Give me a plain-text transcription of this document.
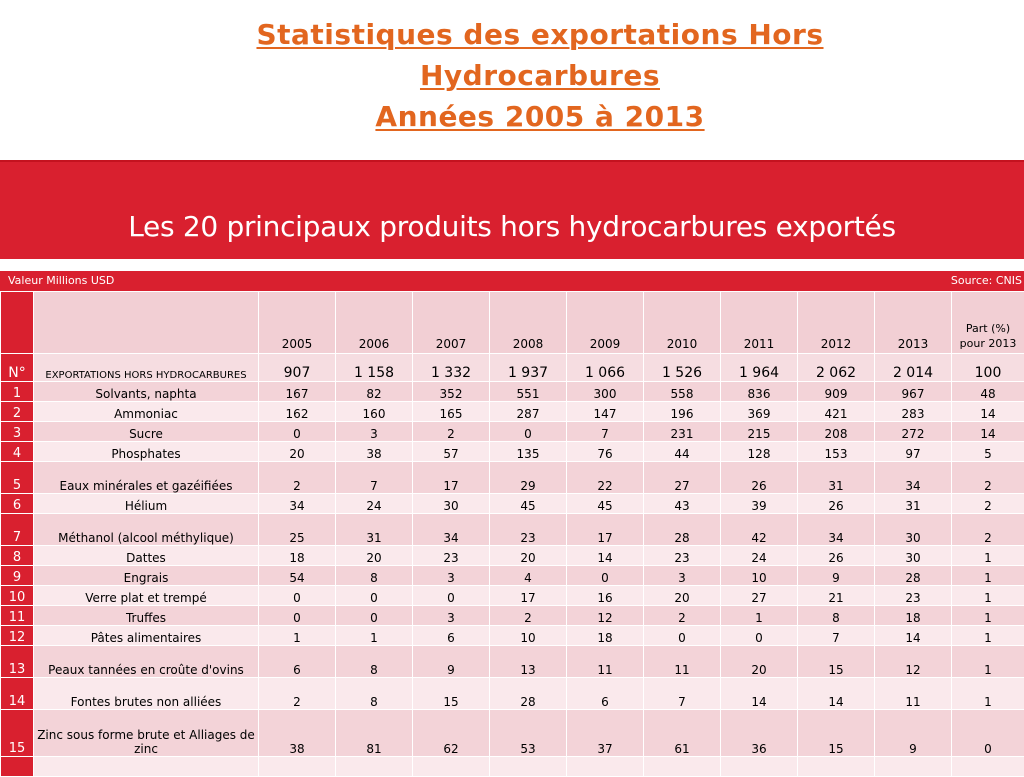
Statistiques des exportations Hors
Hydrocarbures
Années 2005 à 2013
Les 20 principaux produits hors hydrocarbures exportés
Valeur Millions USD	Source: CNIS
		2005	2006	2007	2008	2009	2010	2011	2012	2013	Part (%)
pour 2013

N°	EXPORTATIONS HORS HYDROCARBURES	907	1 158	1 332	1 937	1 066	1 526	1 964	2 062	2 014	100
1	Solvants, naphta	167	82	352	551	300	558	836	909	967	48
2	Ammoniac	162	160	165	287	147	196	369	421	283	14
3	Sucre	0	3	2	0	7	231	215	208	272	14
4	Phosphates	20	38	57	135	76	44	128	153	97	5
5	Eaux minérales et gazéifiées	2	7	17	29	22	27	26	31	34	2
6	Hélium	34	24	30	45	45	43	39	26	31	2
7	Méthanol (alcool méthylique)	25	31	34	23	17	28	42	34	30	2
8	Dattes	18	20	23	20	14	23	24	26	30	1
9	Engrais	54	8	3	4	0	3	10	9	28	1
10	Verre plat et trempé	0	0	0	17	16	20	27	21	23	1
11	Truffes	0	0	3	2	12	2	1	8	18	1
12	Pâtes alimentaires	1	1	6	10	18	0	0	7	14	1
13	Peaux tannées en croûte d'ovins	6	8	9	13	11	11	20	15	12	1
14	Fontes brutes non alliées	2	8	15	28	6	7	14	14	11	1
15	Zinc sous forme brute et Alliages de zinc	38	81	62	53	37	61	36	15	9	0
